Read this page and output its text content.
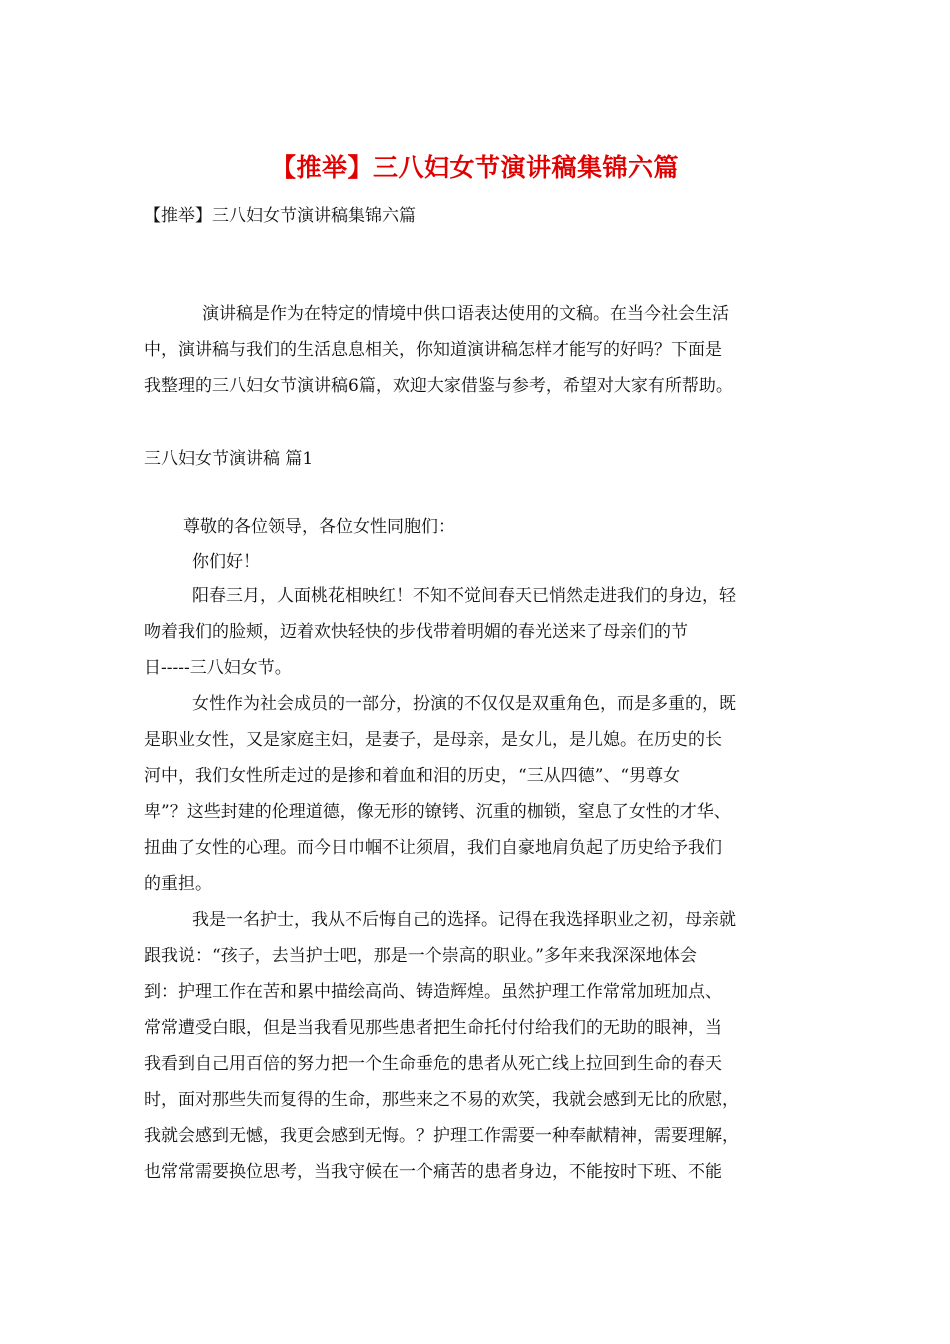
【推举】三八妇女节演讲稿集锦六篇
【推举】三八妇女节演讲稿集锦六篇
演讲稿是作为在特定的情境中供口语表达使用的文稿。在当今社会生活
中，演讲稿与我们的生活息息相关，你知道演讲稿怎样才能写的好吗？下面是
我整理的三八妇女节演讲稿6篇，欢迎大家借鉴与参考，希望对大家有所帮助。
三八妇女节演讲稿 篇1
尊敬的各位领导，各位女性同胞们：
你们好！
阳春三月，人面桃花相映红！不知不觉间春天已悄然走进我们的身边，轻
吻着我们的脸颊，迈着欢快轻快的步伐带着明媚的春光送来了母亲们的节
日-----三八妇女节。
女性作为社会成员的一部分，扮演的不仅仅是双重角色，而是多重的，既
是职业女性，又是家庭主妇，是妻子，是母亲，是女儿，是儿媳。在历史的长
河中，我们女性所走过的是掺和着血和泪的历史，“三从四德”、“男尊女
卑”？这些封建的伦理道德，像无形的镣铐、沉重的枷锁，窒息了女性的才华、
扭曲了女性的心理。而今日巾帼不让须眉，我们自豪地肩负起了历史给予我们
的重担。
我是一名护士，我从不后悔自己的选择。记得在我选择职业之初，母亲就
跟我说：“孩子，去当护士吧，那是一个崇高的职业。”多年来我深深地体会
到：护理工作在苦和累中描绘高尚、铸造辉煌。虽然护理工作常常加班加点、
常常遭受白眼，但是当我看见那些患者把生命托付付给我们的无助的眼神，当
我看到自己用百倍的努力把一个生命垂危的患者从死亡线上拉回到生命的春天
时，面对那些失而复得的生命，那些来之不易的欢笑，我就会感到无比的欣慰，
我就会感到无憾，我更会感到无悔。？护理工作需要一种奉献精神，需要理解，
也常常需要换位思考，当我守候在一个痛苦的患者身边，不能按时下班、不能
